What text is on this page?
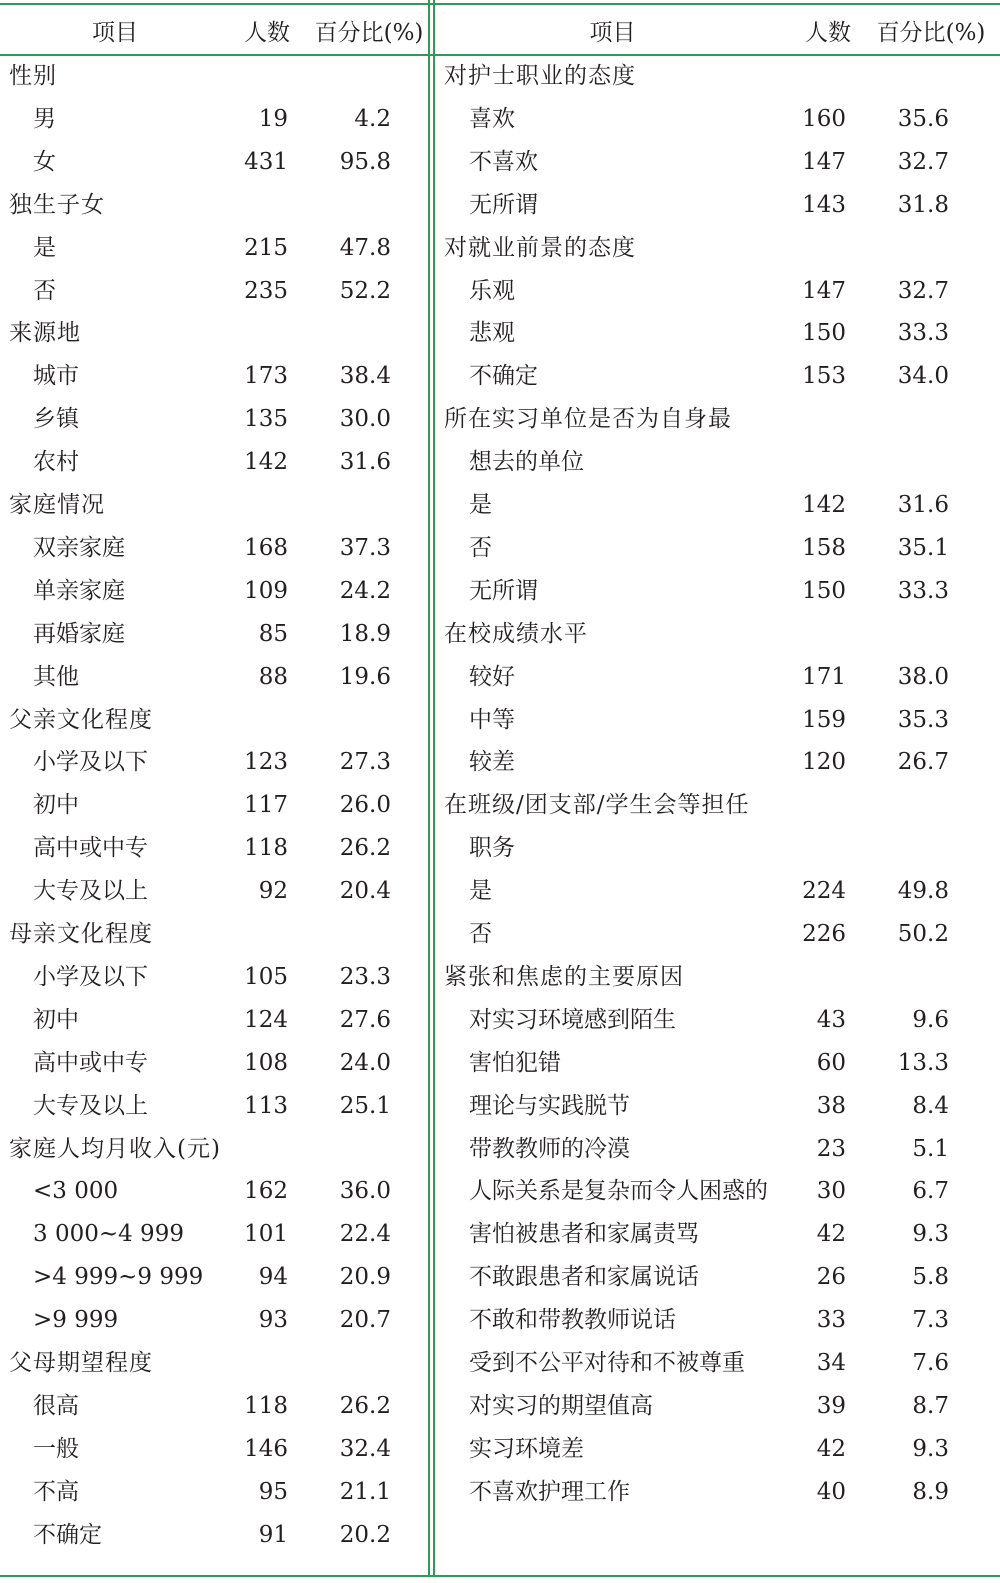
项目	人数	百分比(%)	项目	人数	百分比(%)
性别
男	19	4.2
女	431	95.8
独生子女
是	215	47.8
否	235	52.2
来源地
城市	173	38.4
乡镇	135	30.0
农村	142	31.6
家庭情况
双亲家庭	168	37.3
单亲家庭	109	24.2
再婚家庭	85	18.9
其他	88	19.6
父亲文化程度
小学及以下	123	27.3
初中	117	26.0
高中或中专	118	26.2
大专及以上	92	20.4
母亲文化程度
小学及以下	105	23.3
初中	124	27.6
高中或中专	108	24.0
大专及以上	113	25.1
家庭人均月收入(元)
<3 000	162	36.0
3 000~4 999	101	22.4
>4 999~9 999	94	20.9
>9 999	93	20.7
父母期望程度
很高	118	26.2
一般	146	32.4
不高	95	21.1
不确定	91	20.2
对护士职业的态度
喜欢	160	35.6
不喜欢	147	32.7
无所谓	143	31.8
对就业前景的态度
乐观	147	32.7
悲观	150	33.3
不确定	153	34.0
所在实习单位是否为自身最
想去的单位
是	142	31.6
否	158	35.1
无所谓	150	33.3
在校成绩水平
较好	171	38.0
中等	159	35.3
较差	120	26.7
在班级/团支部/学生会等担任
职务
是	224	49.8
否	226	50.2
紧张和焦虑的主要原因
对实习环境感到陌生	43	9.6
害怕犯错	60	13.3
理论与实践脱节	38	8.4
带教教师的冷漠	23	5.1
人际关系是复杂而令人困惑的	30	6.7
害怕被患者和家属责骂	42	9.3
不敢跟患者和家属说话	26	5.8
不敢和带教教师说话	33	7.3
受到不公平对待和不被尊重	34	7.6
对实习的期望值高	39	8.7
实习环境差	42	9.3
不喜欢护理工作	40	8.9
